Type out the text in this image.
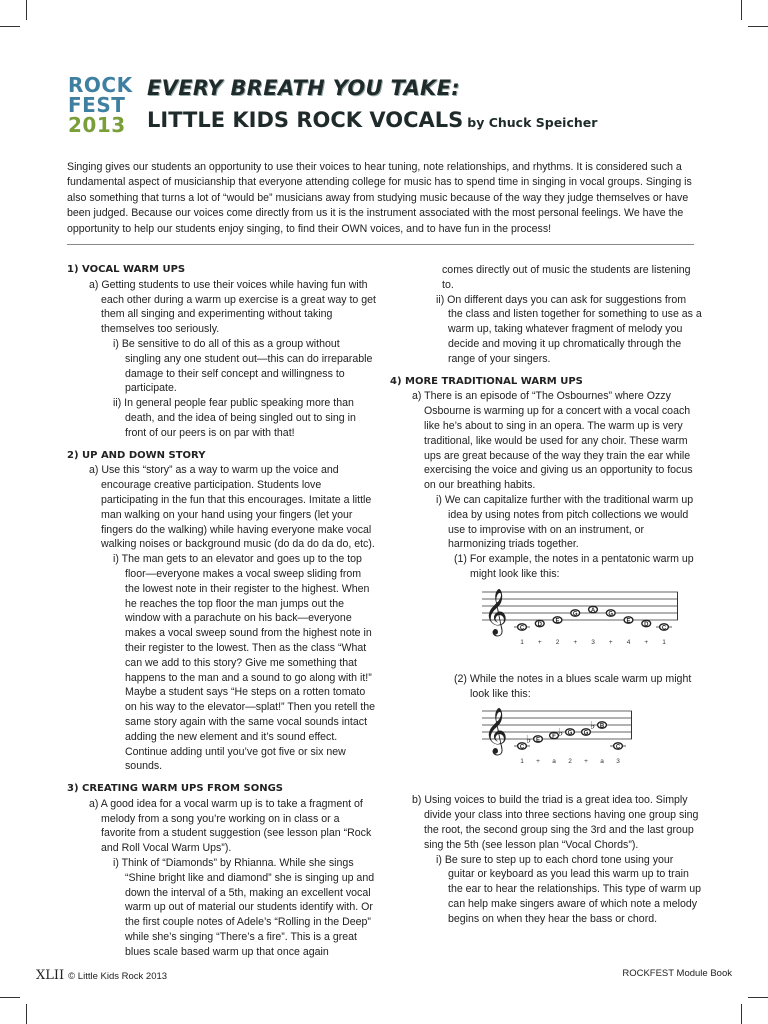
ROCK
FEST
2013
EVERY BREATH YOU TAKE:
LITTLE KIDS ROCK VOCALS by Chuck Speicher
Singing gives our students an opportunity to use their voices to hear tuning, note relationships, and rhythms. It is considered such a fundamental aspect of musicianship that everyone attending college for music has to spend time in singing in vocal groups. Singing is also something that turns a lot of “would be” musicians away from studying music because of the way they judge themselves or have been judged. Because our voices come directly from us it is the instrument associated with the most personal feelings. We have the opportunity to help our students enjoy singing, to find their OWN voices, and to have fun in the process!

1) VOCAL WARM UPS

a) Getting students to use their voices while having fun with each other during a warm up exercise is a great way to get them all singing and experimenting without taking themselves too seriously.

i) Be sensitive to do all of this as a group without singling any one student out—this can do irreparable damage to their self concept and willingness to participate.

ii) In general people fear public speaking more than death, and the idea of being singled out to sing in front of our peers is on par with that!

2) UP AND DOWN STORY

a) Use this “story” as a way to warm up the voice and encourage creative participation. Students love participating in the fun that this encourages. Imitate a little man walking on your hand using your fingers (let your fingers do the walking) while having everyone make vocal walking noises or background music (do da do da do, etc).

i) The man gets to an elevator and goes up to the top floor—everyone makes a vocal sweep sliding from the lowest note in their register to the highest. When he reaches the top floor the man jumps out the window with a parachute on his back—everyone makes a vocal sweep sound from the highest note in their register to the lowest. Then as the class “What can we add to this story? Give me something that happens to the man and a sound to go along with it!” Maybe a student says “He steps on a rotten tomato on his way to the elevator—splat!” Then you retell the same story again with the same vocal sounds intact adding the new element and it’s sound effect. Continue adding until you’ve got five or six new sounds.

3) CREATING WARM UPS FROM SONGS

a) A good idea for a vocal warm up is to take a fragment of melody from a song you’re working on in class or a favorite from a student suggestion (see lesson plan “Rock and Roll Vocal Warm Ups”).

i) Think of “Diamonds” by Rhianna. While she sings “Shine bright like and diamond” she is singing up and down the interval of a 5th, making an excellent vocal warm up out of material our students identify with. Or the first couple notes of Adele’s “Rolling in the Deep” while she’s singing “There’s a fire”. This is a great blues scale based warm up that once again

comes directly out of music the students are listening to.

ii) On different days you can ask for suggestions from the class and listen together for something to use as a warm up, taking whatever fragment of melody you decide and moving it up chromatically through the range of your singers.

4) MORE TRADITIONAL WARM UPS

a) There is an episode of “The Osbournes” where Ozzy Osbourne is warming up for a concert with a vocal coach like he’s about to sing in an opera. The warm up is very traditional, like would be used for any choir. These warm ups are great because of the way they train the ear while exercising the voice and giving us an opportunity to focus on our breathing habits.

i) We can capitalize further with the traditional warm up idea by using notes from pitch collections we would use to improvise with on an instrument, or harmonizing triads together.

(1) For example, the notes in a pentatonic warm up might look like this:

𝄞 C
1
D
+
E
2
G
+
A
3
G
+
E
4
D
+
C
1

(2) While the notes in a blues scale warm up might look like this:

𝄞 C
1
♭ E
+
F
a
♭ G
2
G
+
♭ B
a
C
3

b) Using voices to build the triad is a great idea too. Simply divide your class into three sections having one group sing the root, the second group sing the 3rd and the last group sing the 5th (see lesson plan “Vocal Chords”).

i) Be sure to step up to each chord tone using your guitar or keyboard as you lead this warm up to train the ear to hear the relationships. This type of warm up can help make singers aware of which note a melody begins on when they hear the bass or chord.

XLII © Little Kids Rock 2013	ROCKFEST Module Book
